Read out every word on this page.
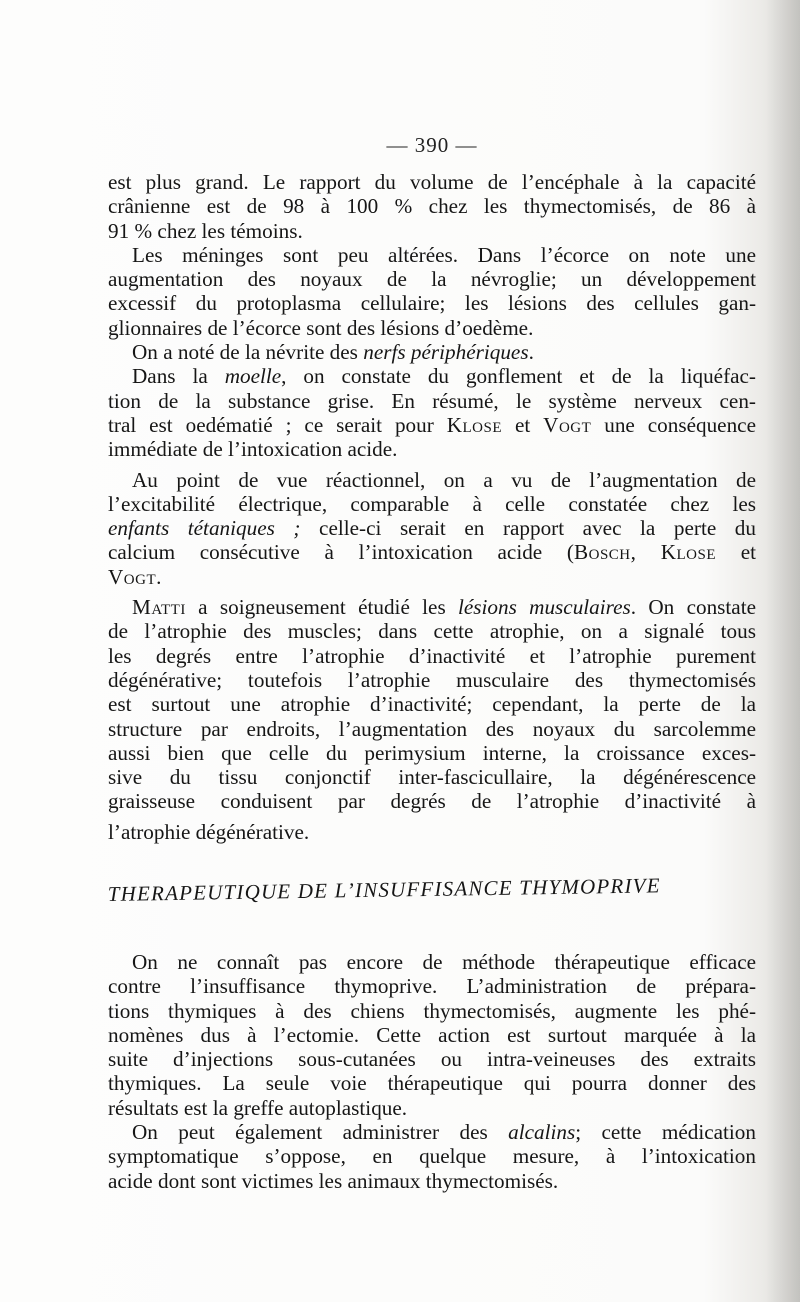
— 390 —
est plus grand. Le rapport du volume de l’encéphale à la capacité
crânienne est de 98 à 100 % chez les thymectomisés, de 86 à
91 % chez les témoins.
Les méninges sont peu altérées. Dans l’écorce on note une
augmentation des noyaux de la névroglie; un développement
excessif du protoplasma cellulaire; les lésions des cellules gan-
glionnaires de l’écorce sont des lésions d’oedème.
On a noté de la névrite des nerfs périphériques.
Dans la moelle, on constate du gonflement et de la liquéfac-
tion de la substance grise. En résumé, le système nerveux cen-
tral est oedématié ; ce serait pour Klose et Vogt une conséquence
immédiate de l’intoxication acide.
Au point de vue réactionnel, on a vu de l’augmentation de
l’excitabilité électrique, comparable à celle constatée chez les
enfants tétaniques ; celle-ci serait en rapport avec la perte du
calcium consécutive à l’intoxication acide (Bosch, Klose et
Vogt.
Matti a soigneusement étudié les lésions musculaires. On constate
de l’atrophie des muscles; dans cette atrophie, on a signalé tous
les degrés entre l’atrophie d’inactivité et l’atrophie purement
dégénérative; toutefois l’atrophie musculaire des thymectomisés
est surtout une atrophie d’inactivité; cependant, la perte de la
structure par endroits, l’augmentation des noyaux du sarcolemme
aussi bien que celle du perimysium interne, la croissance exces-
sive du tissu conjonctif inter-fascicullaire, la dégénérescence
graisseuse conduisent par degrés de l’atrophie d’inactivité à
l’atrophie dégénérative.
THERAPEUTIQUE DE L’INSUFFISANCE THYMOPRIVE
On ne connaît pas encore de méthode thérapeutique efficace
contre l’insuffisance thymoprive. L’administration de prépara-
tions thymiques à des chiens thymectomisés, augmente les phé-
nomènes dus à l’ectomie. Cette action est surtout marquée à la
suite d’injections sous-cutanées ou intra-veineuses des extraits
thymiques. La seule voie thérapeutique qui pourra donner des
résultats est la greffe autoplastique.
On peut également administrer des alcalins; cette médication
symptomatique s’oppose, en quelque mesure, à l’intoxication
acide dont sont victimes les animaux thymectomisés.
